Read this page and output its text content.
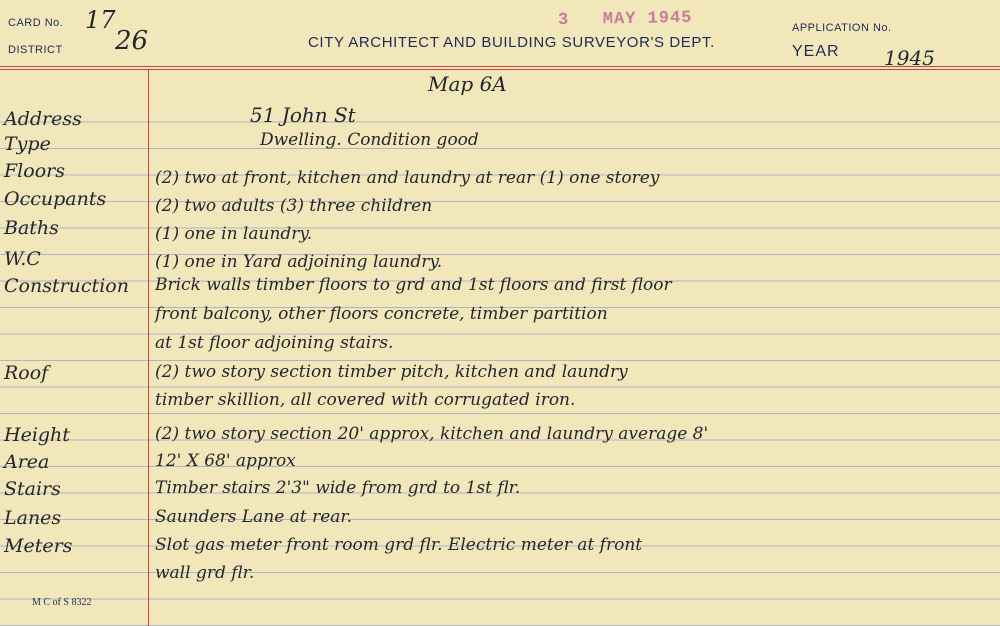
CARD No. 17
DISTRICT 26
3 MAY 1945
CITY ARCHITECT AND BUILDING SURVEYOR'S DEPT.
APPLICATION No.
YEAR 1945
Map 6A
Address	51 John St
Type	Dwelling. Condition good
Floors	(2) two at front, kitchen and laundry at rear (1) one storey
Occupants	(2) two adults (3) three children
Baths	(1) one in laundry.
W.C	(1) one in Yard adjoining laundry.
Construction	Brick walls timber floors to grd and 1st floors and first floor
front balcony, other floors concrete, timber partition
at 1st floor adjoining stairs.
Roof	(2) two story section timber pitch, kitchen and laundry
timber skillion, all covered with corrugated iron.
Height	(2) two story section 20' approx, kitchen and laundry average 8'
Area	12' X 68' approx
Stairs	Timber stairs 2'3" wide from grd to 1st flr.
Lanes	Saunders Lane at rear.
Meters	Slot gas meter front room grd flr. Electric meter at front
wall grd flr.
M C of S 8322
